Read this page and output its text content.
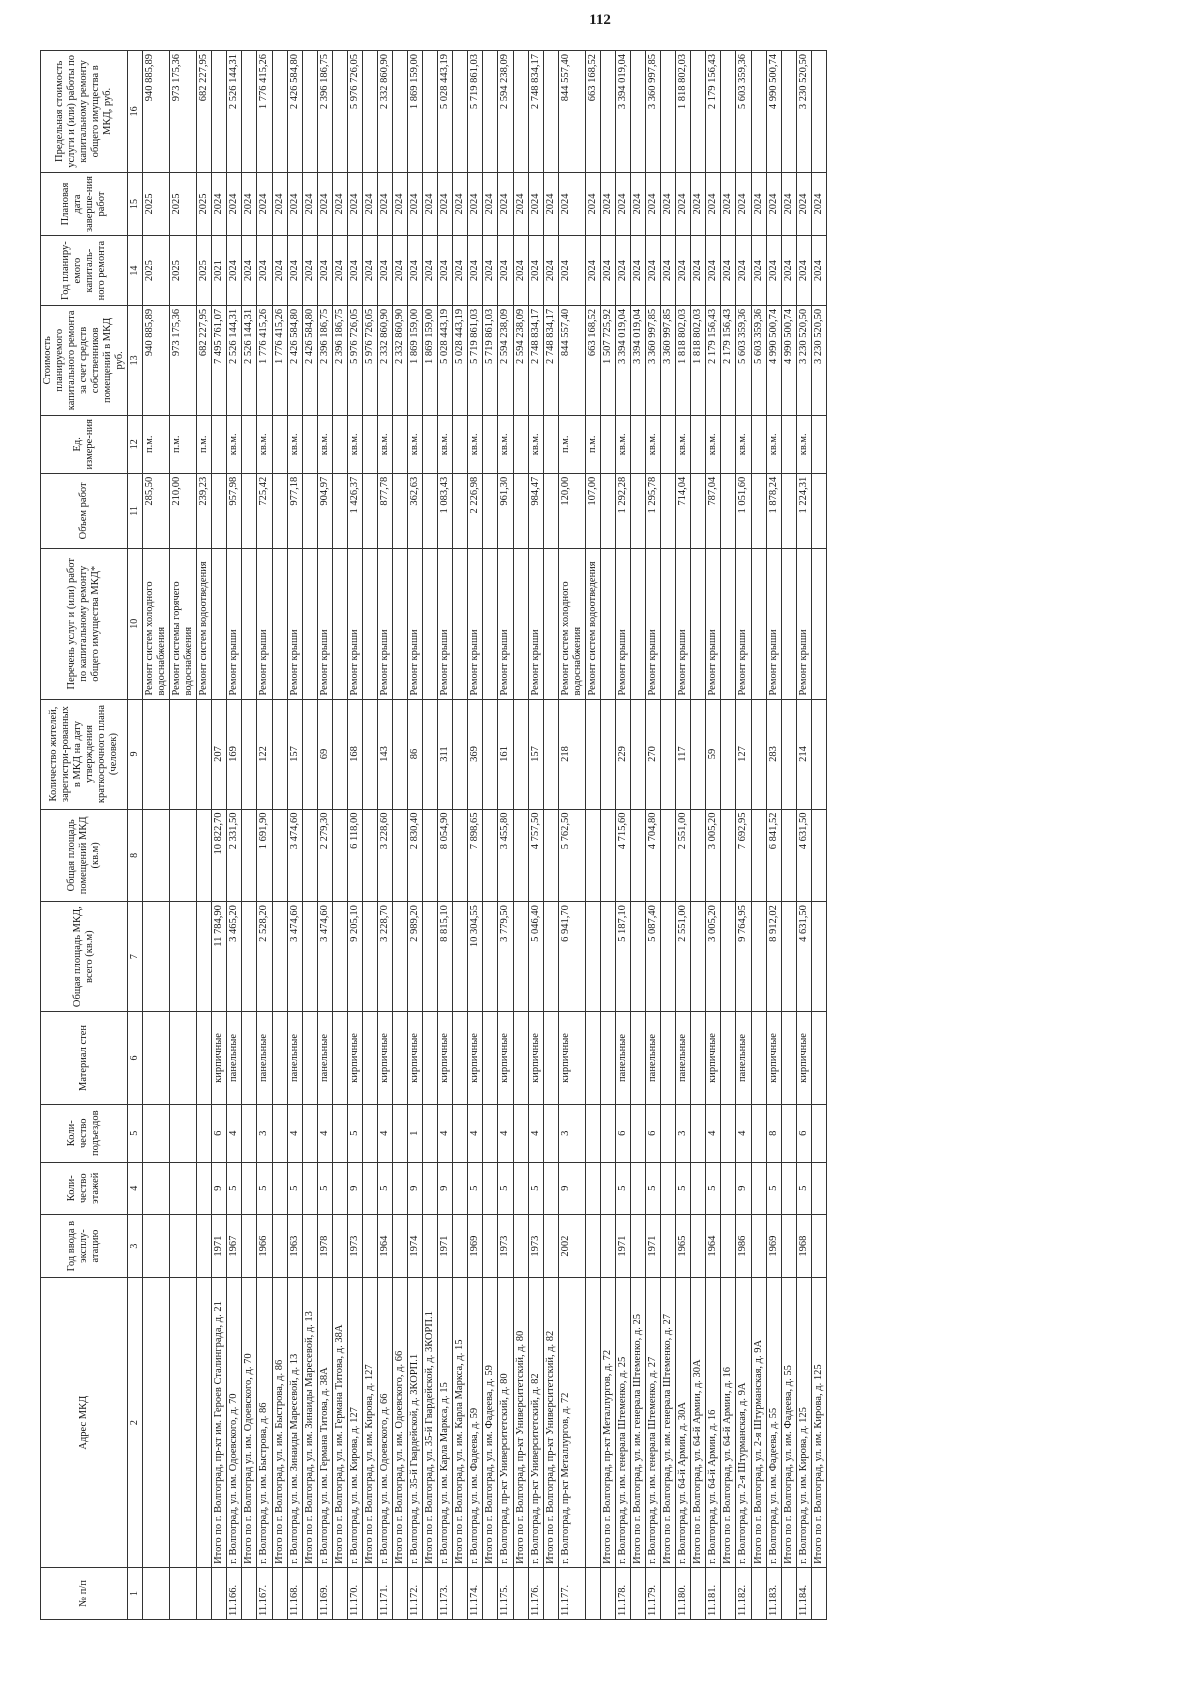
112
№ п/п	Адрес МКД	Год ввода в эксплу-атацию	Коли-чество этажей	Коли-чество подъездов	Материал стен	Общая площадь МКД, всего (кв.м)	Общая площадь помещений МКД (кв.м)	Количество жителей, зарегистри-рованных в МКД на дату утверждения краткосрочного плана (человек)	Перечень услуг и (или) работ по капитальному ремонту общего имущества МКД*	Объем работ	Ед. измере-ния	Стоимость планируемого капитального ремонта за счет средств собственников помещений в МКД руб.	Год планиру-емого капиталь-ного ремонта	Плановая дата заверше-ния работ	Предельная стоимость услуги и (или) работы по капитальному ремонту общего имущества в МКД, руб.
1	2	3	4	5	6	7	8	9	10	11	12	13	14	15	16
									Ремонт систем холодного водоснабжения	285,50	п.м.	940 885,89	2025	2025	940 885,89
									Ремонт системы горячего водоснабжения	210,00	п.м.	973 175,36	2025	2025	973 175,36
									Ремонт систем водоотведения	239,23	п.м.	682 227,95	2025	2025	682 227,95
	Итого по г. Волгоград, пр-кт им. Героев Сталинграда, д. 21	1971	9	6	кирпичные	11 784,90	10 822,70	207				7 495 761,07	2021	2024	
11.166.	г. Волгоград, ул. им. Одоевского, д. 70	1967	5	4	панельные	3 465,20	2 331,50	169	Ремонт крыши	957,98	кв.м.	2 526 144,31	2024	2024	2 526 144,31
	Итого по г. Волгоград ул. им. Одоевского, д. 70											2 526 144,31	2024	2024	
11.167.	г. Волгоград, ул. им. Быстрова, д. 86	1966	5	3	панельные	2 528,20	1 691,90	122	Ремонт крыши	725,42	кв.м.	1 776 415,26	2024	2024	1 776 415,26
	Итого по г. Волгоград, ул. им. Быстрова, д. 86											1 776 415,26	2024	2024	
11.168.	г. Волгоград, ул. им. Зинаиды Маресевой, д. 13	1963	5	4	панельные	3 474,60	3 474,60	157	Ремонт крыши	977,18	кв.м.	2 426 584,80	2024	2024	2 426 584,80
	Итого по г. Волгоград, ул. им. Зинаиды Маресевой, д. 13											2 426 584,80	2024	2024	
11.169.	г. Волгоград, ул. им. Германа Титова, д. 38А	1978	5	4	панельные	3 474,60	2 279,30	69	Ремонт крыши	904,97	кв.м.	2 396 186,75	2024	2024	2 396 186,75
	Итого по г. Волгоград, ул. им. Германа Титова, д. 38А											2 396 186,75	2024	2024	
11.170.	г. Волгоград, ул. им. Кирова, д. 127	1973	9	5	кирпичные	9 205,10	6 118,00	168	Ремонт крыши	1 426,37	кв.м.	5 976 726,05	2024	2024	5 976 726,05
	Итого по г. Волгоград, ул. им. Кирова, д. 127											5 976 726,05	2024	2024	
11.171.	г. Волгоград, ул. им. Одоевского, д. 66	1964	5	4	кирпичные	3 228,70	3 228,60	143	Ремонт крыши	877,78	кв.м.	2 332 860,90	2024	2024	2 332 860,90
	Итого по г. Волгоград, ул. им. Одоевского, д. 66											2 332 860,90	2024	2024	
11.172.	г. Волгоград, ул. 35-й Гвардейской, д. 3КОРП.1	1974	9	1	кирпичные	2 989,20	2 830,40	86	Ремонт крыши	362,63	кв.м.	1 869 159,00	2024	2024	1 869 159,00
	Итого по г. Волгоград, ул. 35-й Гвардейской, д. 3КОРП.1											1 869 159,00	2024	2024	
11.173.	г. Волгоград, ул. им. Карла Маркса, д. 15	1971	9	4	кирпичные	8 815,10	8 054,90	311	Ремонт крыши	1 083,43	кв.м.	5 028 443,19	2024	2024	5 028 443,19
	Итого по г. Волгоград, ул. им. Карла Маркса, д. 15											5 028 443,19	2024	2024	
11.174.	г. Волгоград, ул. им. Фадеева, д. 59	1969	5	4	кирпичные	10 304,55	7 898,65	369	Ремонт крыши	2 226,98	кв.м.	5 719 861,03	2024	2024	5 719 861,03
	Итого по г. Волгоград, ул. им. Фадеева, д. 59											5 719 861,03	2024	2024	
11.175.	г. Волгоград, пр-кт Университетский, д. 80	1973	5	4	кирпичные	3 779,50	3 455,80	161	Ремонт крыши	961,30	кв.м.	2 594 238,09	2024	2024	2 594 238,09
	Итого по г. Волгоград, пр-кт Университетский, д. 80											2 594 238,09	2024	2024	
11.176.	г. Волгоград, пр-кт Университетский, д. 82	1973	5	4	кирпичные	5 046,40	4 757,50	157	Ремонт крыши	984,47	кв.м.	2 748 834,17	2024	2024	2 748 834,17
	Итого по г. Волгоград, пр-кт Университетский, д. 82											2 748 834,17	2024	2024	
11.177.	г. Волгоград, пр-кт Металлургов, д. 72	2002	9	3	кирпичные	6 941,70	5 762,50	218	Ремонт систем холодного водоснабжения	120,00	п.м.	844 557,40	2024	2024	844 557,40
									Ремонт систем водоотведения	107,00	п.м.	663 168,52	2024	2024	663 168,52
	Итого по г. Волгоград, пр-кт Металлургов, д. 72											1 507 725,92	2024	2024	
11.178.	г. Волгоград, ул. им. генерала Штеменко, д. 25	1971	5	6	панельные	5 187,10	4 715,60	229	Ремонт крыши	1 292,28	кв.м.	3 394 019,04	2024	2024	3 394 019,04
	Итого по г. Волгоград, ул. им. генерала Штеменко, д. 25											3 394 019,04	2024	2024	
11.179.	г. Волгоград, ул. им. генерала Штеменко, д. 27	1971	5	6	панельные	5 087,40	4 704,80	270	Ремонт крыши	1 295,78	кв.м.	3 360 997,85	2024	2024	3 360 997,85
	Итого по г. Волгоград, ул. им. генерала Штеменко, д. 27											3 360 997,85	2024	2024	
11.180.	г. Волгоград, ул. 64-й Армии, д. 30А	1965	5	3	панельные	2 551,00	2 551,00	117	Ремонт крыши	714,04	кв.м.	1 818 802,03	2024	2024	1 818 802,03
	Итого по г. Волгоград, ул. 64-й Армии, д. 30А											1 818 802,03	2024	2024	
11.181.	г. Волгоград, ул. 64-й Армии, д. 16	1964	5	4	кирпичные	3 005,20	3 005,20	59	Ремонт крыши	787,04	кв.м.	2 179 156,43	2024	2024	2 179 156,43
	Итого по г. Волгоград, ул. 64-й Армии, д. 16											2 179 156,43	2024	2024	
11.182.	г. Волгоград, ул. 2-я Штурманская, д. 9А	1986	9	4	панельные	9 764,95	7 692,95	127	Ремонт крыши	1 051,60	кв.м.	5 603 359,36	2024	2024	5 603 359,36
	Итого по г. Волгоград, ул. 2-я Штурманская, д. 9А											5 603 359,36	2024	2024	
11.183.	г. Волгоград, ул. им. Фадеева, д. 55	1969	5	8	кирпичные	8 912,02	6 841,52	283	Ремонт крыши	1 878,24	кв.м.	4 990 500,74	2024	2024	4 990 500,74
	Итого по г. Волгоград, ул. им. Фадеева, д. 55											4 990 500,74	2024	2024	
11.184.	г. Волгоград, ул. им. Кирова, д. 125	1968	5	6	кирпичные	4 631,50	4 631,50	214	Ремонт крыши	1 224,31	кв.м.	3 230 520,50	2024	2024	3 230 520,50
	Итого по г. Волгоград, ул. им. Кирова, д. 125											3 230 520,50	2024	2024	
